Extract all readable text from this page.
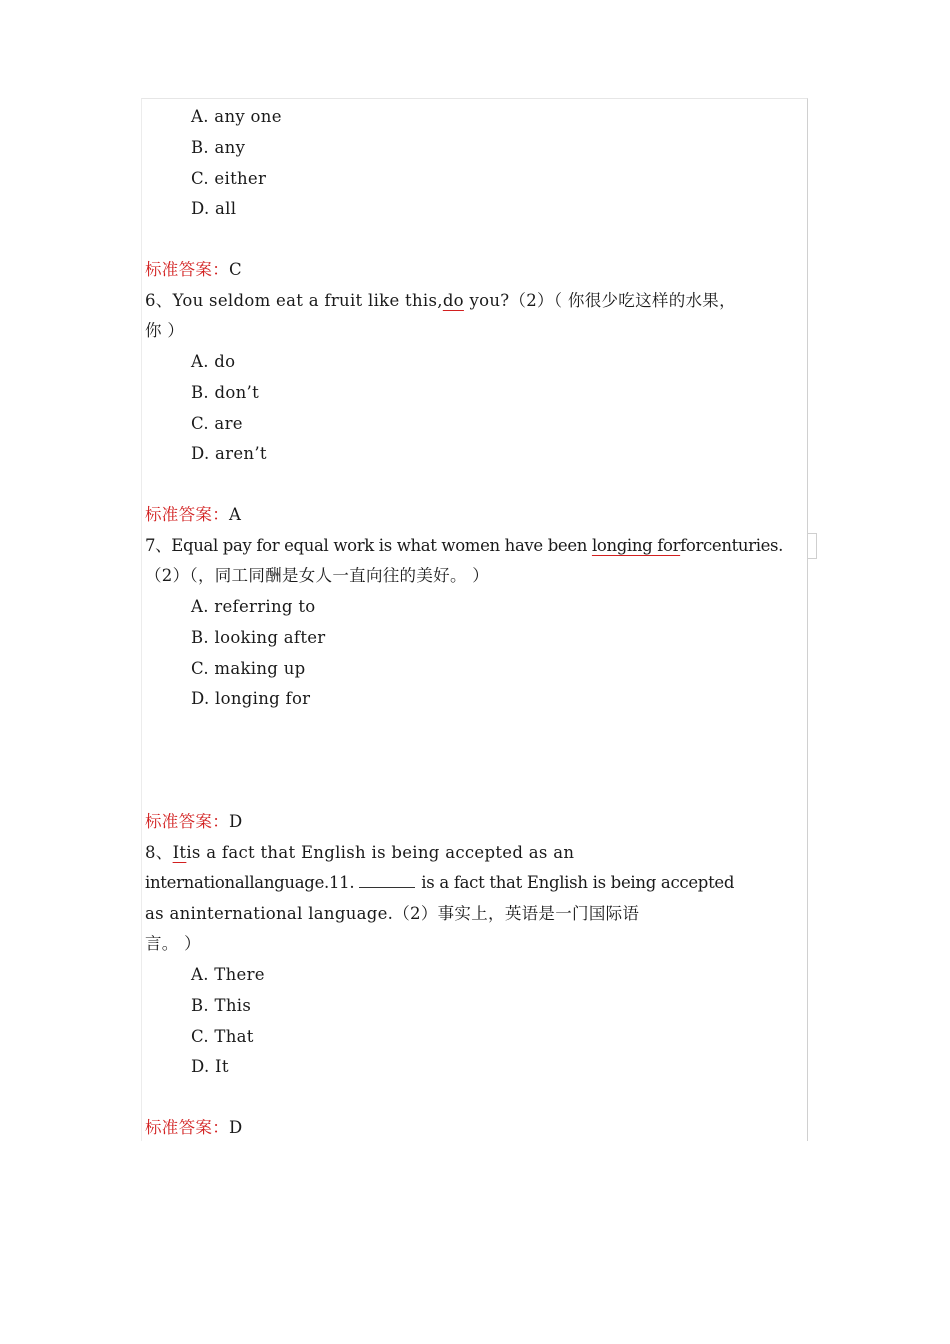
A. any one
B. any
C. either
D. all
标准答案：C
6、You seldom eat a fruit like this,do you?（2）（ 你很少吃这样的水果，
你 ）
A. do
B. don’t
C. are
D. aren’t
标准答案：A
7、Equal pay for equal work is what women have been longing forforcenturies.
（2）（，同工同酬是女人一直向往的美好。 ）
A. referring to
B. looking after
C. making up
D. longing for
标准答案：D
8、Itis a fact that English is being accepted as an
internationallanguage.11.	is a fact that English is being accepted
as aninternational language.（2）事实上，英语是一门国际语
言。 ）
A. There
B. This
C. That
D. It
标准答案：D
